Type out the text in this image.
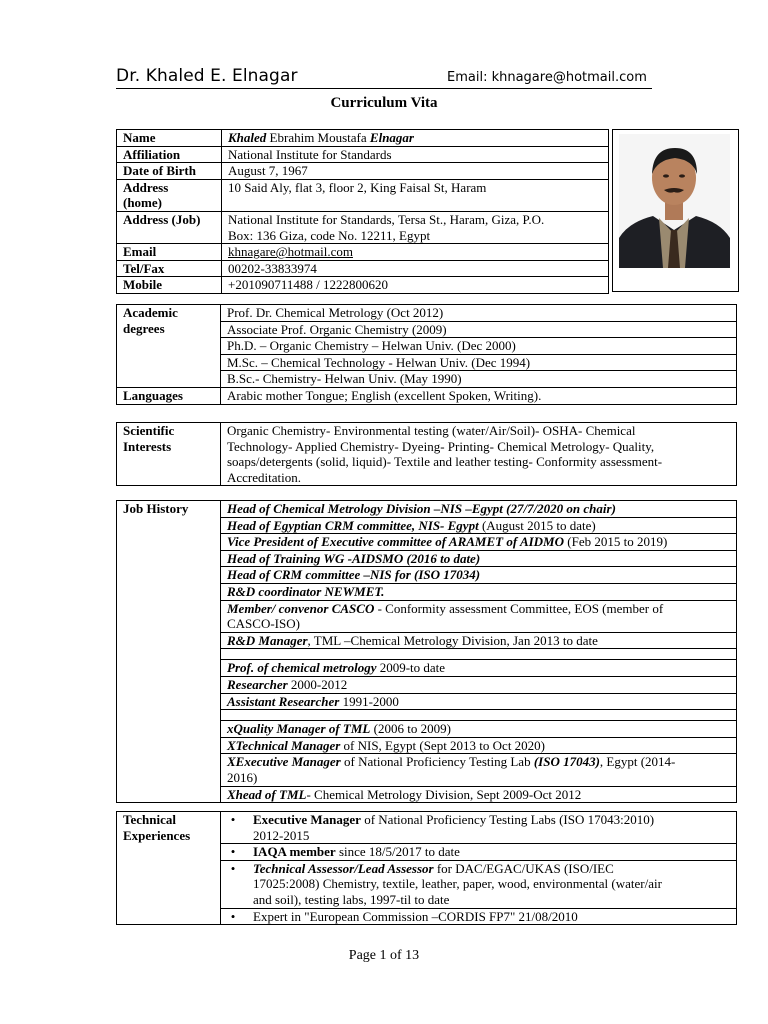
Dr. Khaled E. Elnagar	Email: khnagare@hotmail.com
Curriculum Vita
Name	Khaled Ebrahim Moustafa Elnagar
Affiliation	National Institute for Standards
Date of Birth	August 7, 1967
Address
(home)	10 Said Aly, flat 3, floor 2, King Faisal St, Haram
Address (Job)	National Institute for Standards, Tersa St., Haram, Giza, P.O.
Box: 136 Giza, code No. 12211, Egypt
Email	khnagare@hotmail.com
Tel/Fax	00202-33833974
Mobile	+201090711488 / 1222800620
Academic
degrees	Prof. Dr. Chemical Metrology (Oct 2012)
	Associate Prof. Organic Chemistry (2009)
	Ph.D. – Organic Chemistry – Helwan Univ. (Dec 2000)
	M.Sc. – Chemical Technology - Helwan Univ. (Dec 1994)
	B.Sc.- Chemistry- Helwan Univ. (May 1990)
Languages	Arabic mother Tongue; English (excellent Spoken, Writing).
Scientific
Interests	Organic Chemistry- Environmental testing (water/Air/Soil)- OSHA- Chemical
Technology- Applied Chemistry- Dyeing- Printing- Chemical Metrology- Quality,
soaps/detergents (solid, liquid)- Textile and leather testing- Conformity assessment-
Accreditation.
Job History	Head of Chemical Metrology Division –NIS –Egypt (27/7/2020 on chair)
Head of Egyptian CRM committee, NIS- Egypt (August 2015 to date)
Vice President of Executive committee of ARAMET of AIDMO (Feb 2015 to 2019)
Head of Training WG -AIDSMO (2016 to date)
Head of CRM committee –NIS for (ISO 17034)
R&D coordinator NEWMET.
Member/ convenor CASCO - Conformity assessment Committee, EOS (member of
CASCO-ISO)
R&D Manager, TML –Chemical Metrology Division, Jan 2013 to date

Prof. of chemical metrology 2009-to date
Researcher 2000-2012
Assistant Researcher 1991-2000

xQuality Manager of TML (2006 to 2009)
XTechnical Manager of NIS, Egypt (Sept 2013 to Oct 2020)
XExecutive Manager of National Proficiency Testing Lab (ISO 17043), Egypt (2014-
2016)
Xhead of TML- Chemical Metrology Division, Sept 2009-Oct 2012
Technical
Experiences	
• Executive Manager of National Proficiency Testing Labs (ISO 17043:2010)
2012-2015

• IAQA member since 18/5/2017 to date

• Technical Assessor/Lead Assessor for DAC/EGAC/UKAS (ISO/IEC
17025:2008) Chemistry, textile, leather, paper, wood, environmental (water/air
and soil), testing labs, 1997-til to date

• Expert in "European Commission –CORDIS FP7" 21/08/2010
Page 1 of 13
